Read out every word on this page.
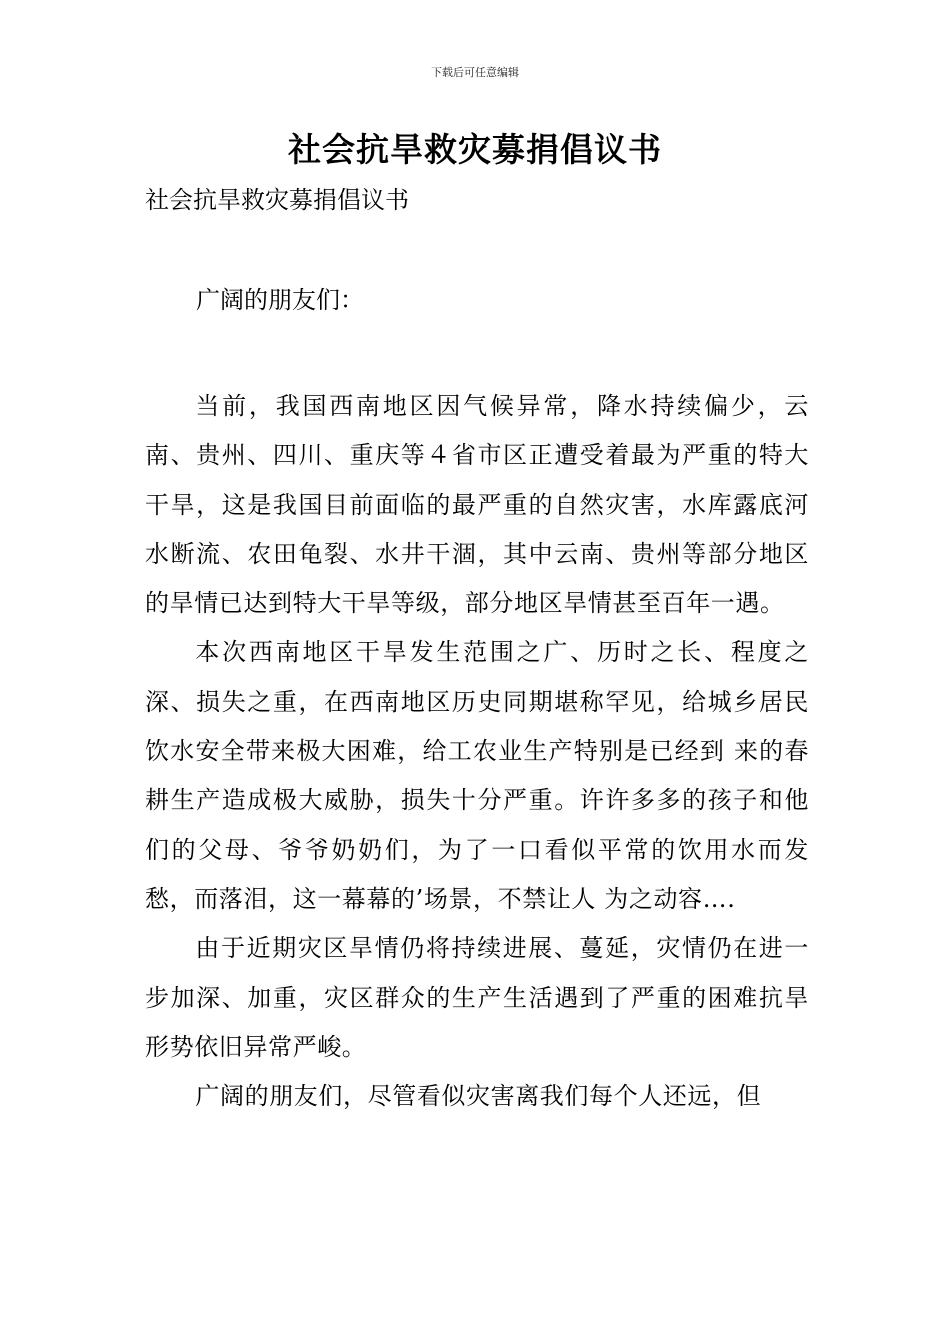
下载后可任意编辑
社会抗旱救灾募捐倡议书
社会抗旱救灾募捐倡议书
广阔的朋友们：

当前，我国西南地区因气候异常，降水持续偏少，云南、贵州、四川、重庆等４省市区正遭受着最为严重的特大干旱，这是我国目前面临的最严重的自然灾害，水库露底河水断流、农田龟裂、水井干涸，其中云南、贵州等部分地区的旱情已达到特大干旱等级，部分地区旱情甚至百年一遇。

本次西南地区干旱发生范围之广、历时之长、程度之深、损失之重，在西南地区历史同期堪称罕见，给城乡居民饮水安全带来极大困难，给工农业生产特别是已经到 来的春耕生产造成极大威胁，损失十分严重。许许多多的孩子和他们的父母、爷爷奶奶们，为了一口看似平常的饮用水而发愁，而落泪，这一幕幕的’场景，不禁让人 为之动容….

由于近期灾区旱情仍将持续进展、蔓延，灾情仍在进一步加深、加重，灾区群众的生产生活遇到了严重的困难抗旱形势依旧异常严峻。

广阔的朋友们，尽管看似灾害离我们每个人还远，但
